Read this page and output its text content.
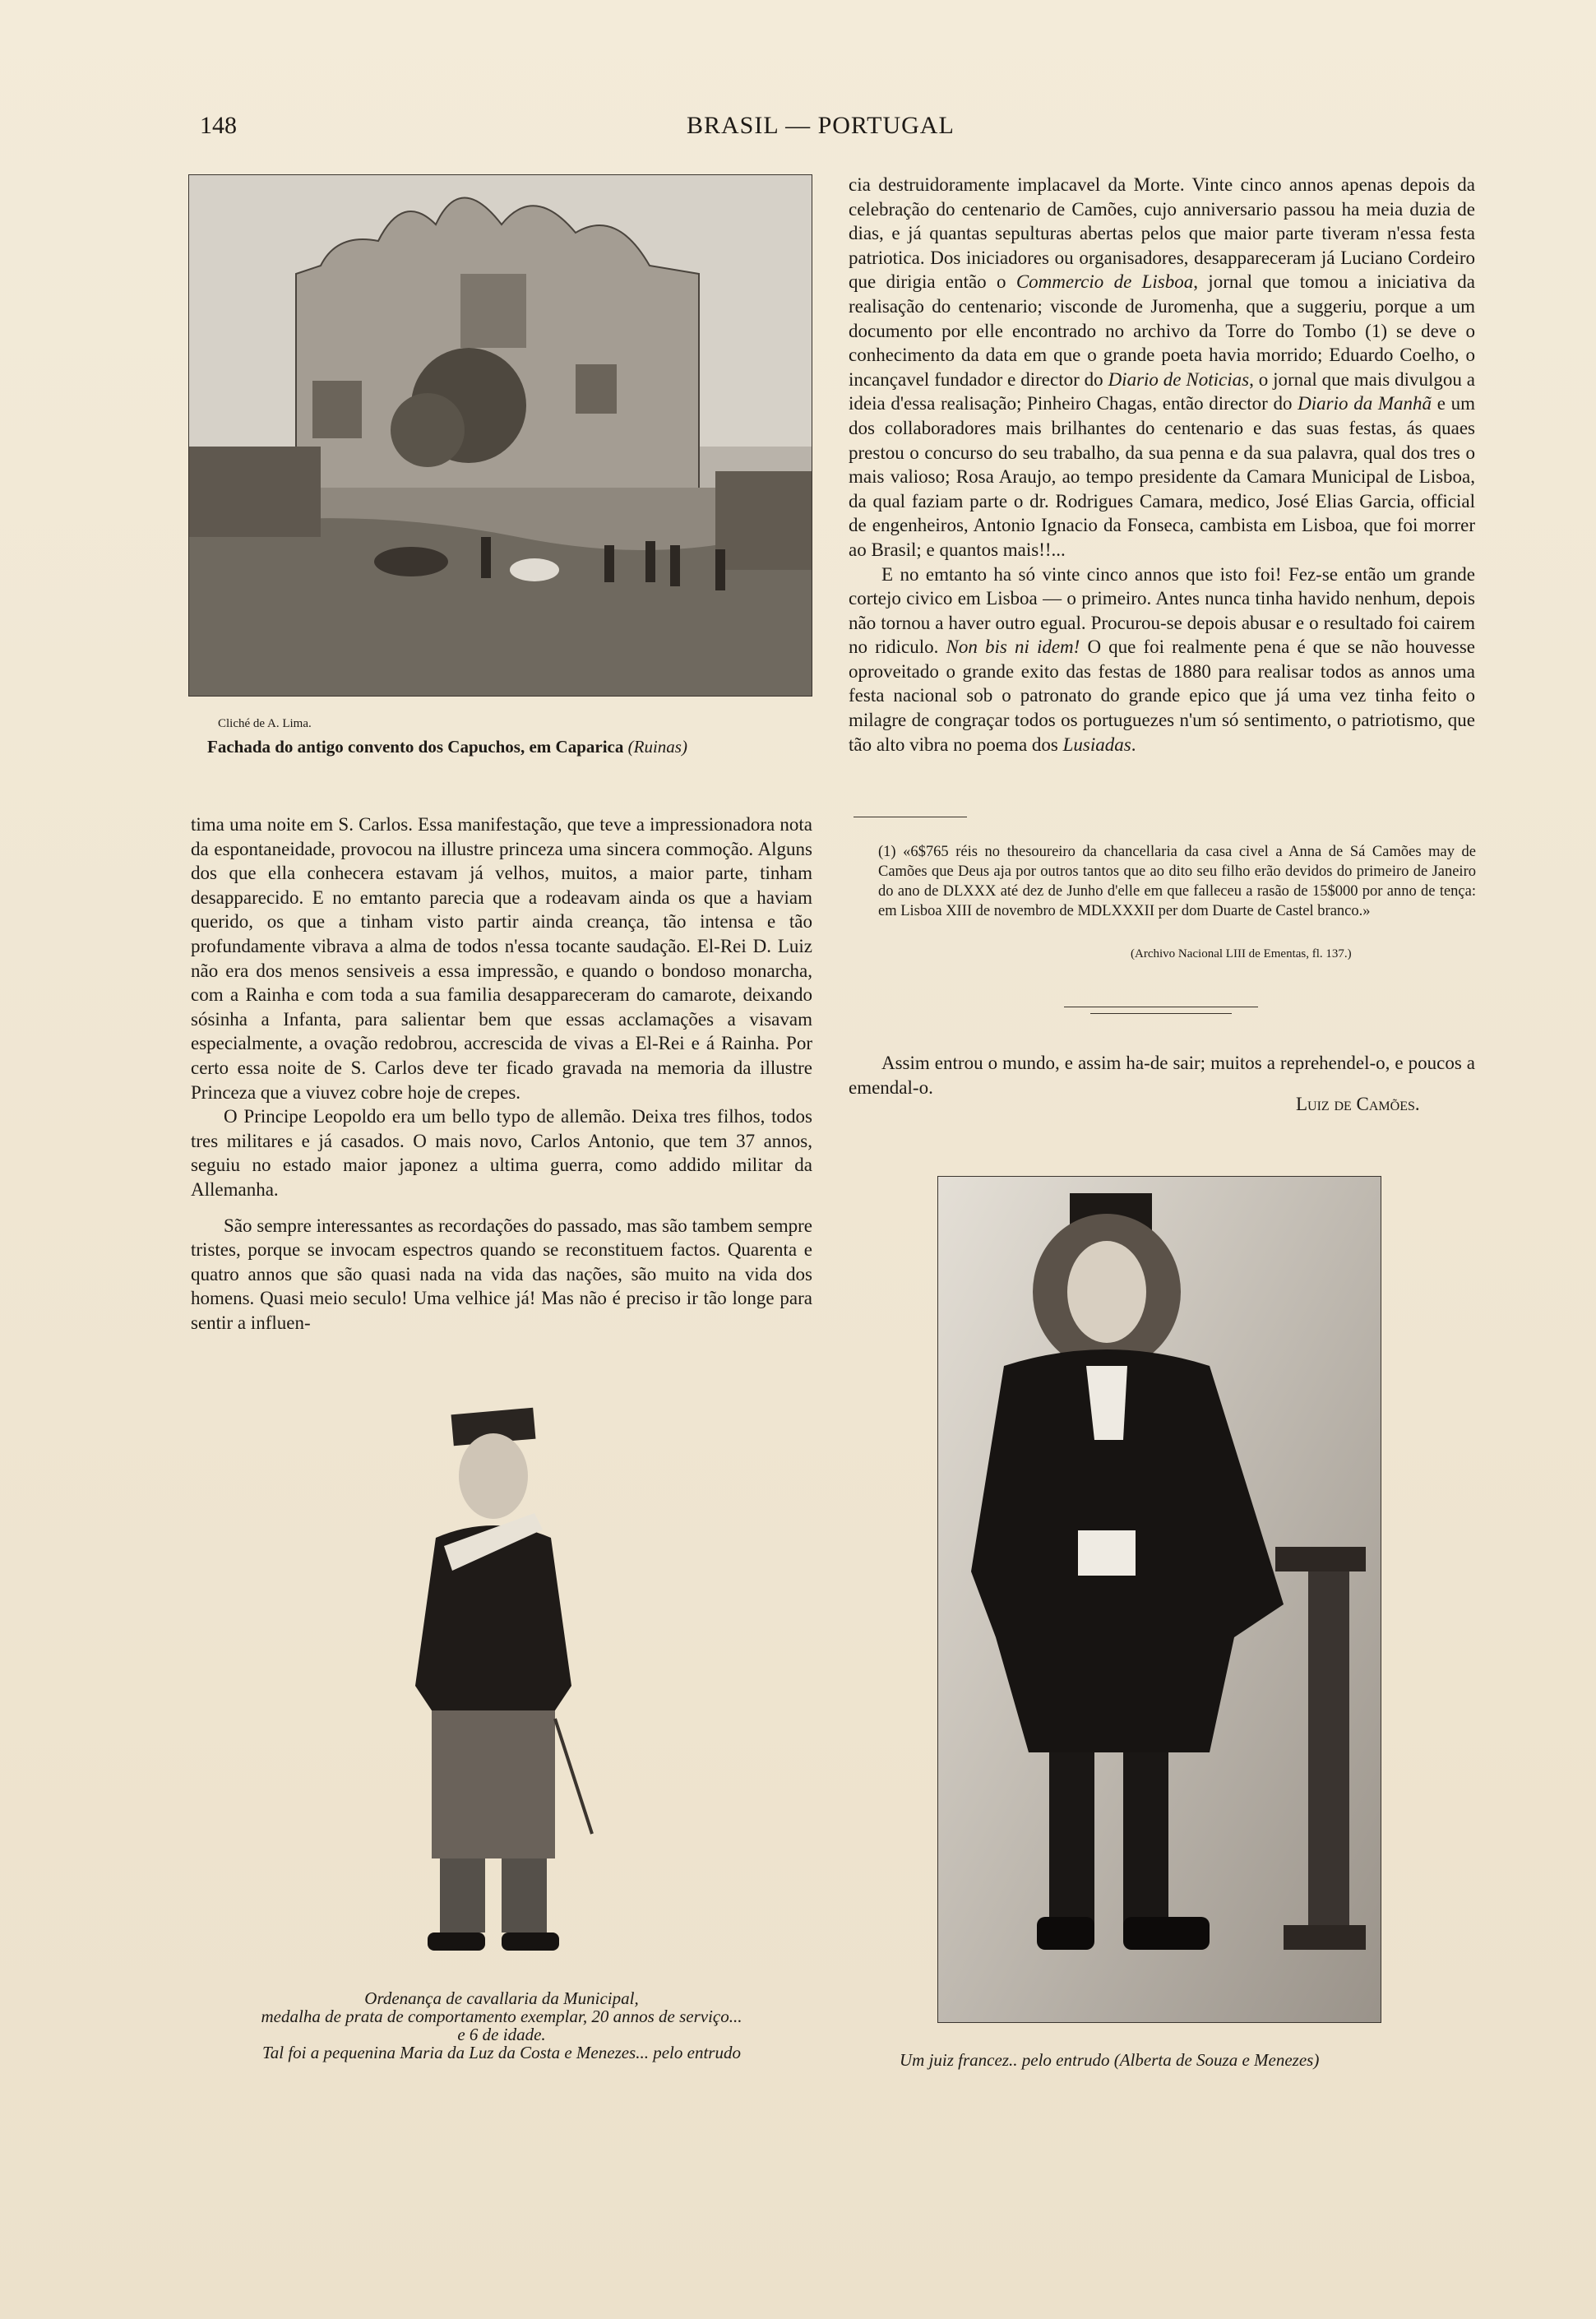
148	BRASIL — PORTUGAL
Cliché de A. Lima.
Fachada do antigo convento dos Capuchos, em Caparica (Ruinas)

tima uma noite em S. Carlos. Essa manifestação, que teve a impressionadora nota da espontaneidade, provocou na illustre princeza uma sincera commoção. Alguns dos que ella conhecera estavam já velhos, muitos, a maior parte, tinham desapparecido. E no emtanto parecia que a rodeavam ainda os que a haviam querido, os que a tinham visto partir ainda creança, tão intensa e tão profundamente vibrava a alma de todos n'essa tocante saudação. El-Rei D. Luiz não era dos menos sensiveis a essa impressão, e quando o bondoso monarcha, com a Rainha e com toda a sua familia desappareceram do camarote, deixando sósinha a Infanta, para salientar bem que essas acclamações a visavam especialmente, a ovação redobrou, accrescida de vivas a El-Rei e á Rainha. Por certo essa noite de S. Carlos deve ter ficado gravada na memoria da illustre Princeza que a viuvez cobre hoje de crepes.

O Principe Leopoldo era um bello typo de allemão. Deixa tres filhos, todos tres militares e já casados. O mais novo, Carlos Antonio, que tem 37 annos, seguiu no estado maior japonez a ultima guerra, como addido militar da Allemanha.

São sempre interessantes as recordações do passado, mas são tambem sempre tristes, porque se invocam espectros quando se reconstituem factos. Quarenta e quatro annos que são quasi nada na vida das nações, são muito na vida dos homens. Quasi meio seculo! Uma velhice já! Mas não é preciso ir tão longe para sentir a influen-

cia destruidoramente implacavel da Morte. Vinte cinco annos apenas depois da celebração do centenario de Camões, cujo anniversario passou ha meia duzia de dias, e já quantas sepulturas abertas pelos que maior parte tiveram n'essa festa patriotica. Dos iniciadores ou organisadores, desappareceram já Luciano Cordeiro que dirigia então o Commercio de Lisboa, jornal que tomou a iniciativa da realisação do centenario; visconde de Juromenha, que a suggeriu, porque a um documento por elle encontrado no archivo da Torre do Tombo (1) se deve o conhecimento da data em que o grande poeta havia morrido; Eduardo Coelho, o incançavel fundador e director do Diario de Noticias, o jornal que mais divulgou a ideia d'essa realisação; Pinheiro Chagas, então director do Diario da Manhã e um dos collaboradores mais brilhantes do centenario e das suas festas, ás quaes prestou o concurso do seu trabalho, da sua penna e da sua palavra, qual dos tres o mais valioso; Rosa Araujo, ao tempo presidente da Camara Municipal de Lisboa, da qual faziam parte o dr. Rodrigues Camara, medico, José Elias Garcia, official de engenheiros, Antonio Ignacio da Fonseca, cambista em Lisboa, que foi morrer ao Brasil; e quantos mais!!...

E no emtanto ha só vinte cinco annos que isto foi! Fez-se então um grande cortejo civico em Lisboa — o primeiro. Antes nunca tinha havido nenhum, depois não tornou a haver outro egual. Procurou-se depois abusar e o resultado foi cairem no ridiculo. Non bis ni idem! O que foi realmente pena é que se não houvesse oproveitado o grande exito das festas de 1880 para realisar todos as annos uma festa nacional sob o patronato do grande epico que já uma vez tinha feito o milagre de congraçar todos os portuguezes n'um só sentimento, o patriotismo, que tão alto vibra no poema dos Lusiadas.

(1) «6$765 réis no thesoureiro da chancellaria da casa civel a Anna de Sá Camões may de Camões que Deus aja por outros tantos que ao dito seu filho erão devidos do primeiro de Janeiro do ano de DLXXX até dez de Junho d'elle em que falleceu a rasão de 15$000 por anno de tença: em Lisboa XIII de novembro de MDLXXXII per dom Duarte de Castel branco.»
(Archivo Nacional LIII de Ementas, fl. 137.)
Assim entrou o mundo, e assim ha-de sair; muitos a reprehendel-o, e poucos a emendal-o.
Luiz de Camões.
Ordenança de cavallaria da Municipal,
medalha de prata de comportamento exemplar, 20 annos de serviço...
e 6 de idade.
Tal foi a pequenina Maria da Luz da Costa e Menezes... pelo entrudo	Um juiz francez.. pelo entrudo (Alberta de Souza e Menezes)
